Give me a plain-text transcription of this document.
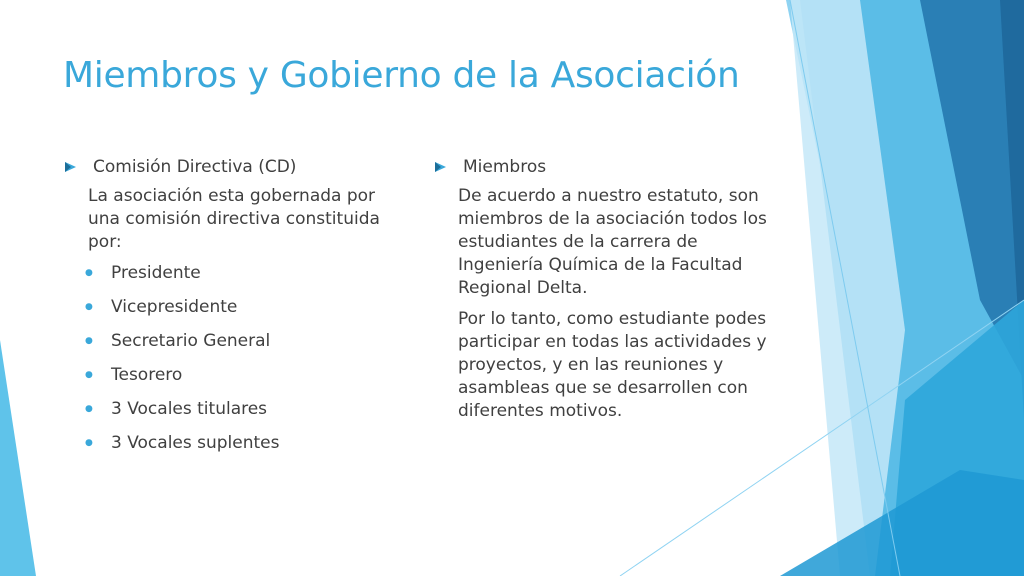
Miembros y Gobierno de la Asociación
Comisión Directiva (CD)

La asociación esta gobernada por una comisión directiva constituida por:

●	Presidente
●	Vicepresidente
●	Secretario General
●	Tesorero
●	3 Vocales titulares
●	3 Vocales suplentes
Miembros

De acuerdo a nuestro estatuto, son miembros de la asociación todos los estudiantes de la carrera de Ingeniería Química de la Facultad Regional Delta.

Por lo tanto, como estudiante podes participar en todas las actividades y proyectos, y en las reuniones y asambleas que se desarrollen con diferentes motivos.
